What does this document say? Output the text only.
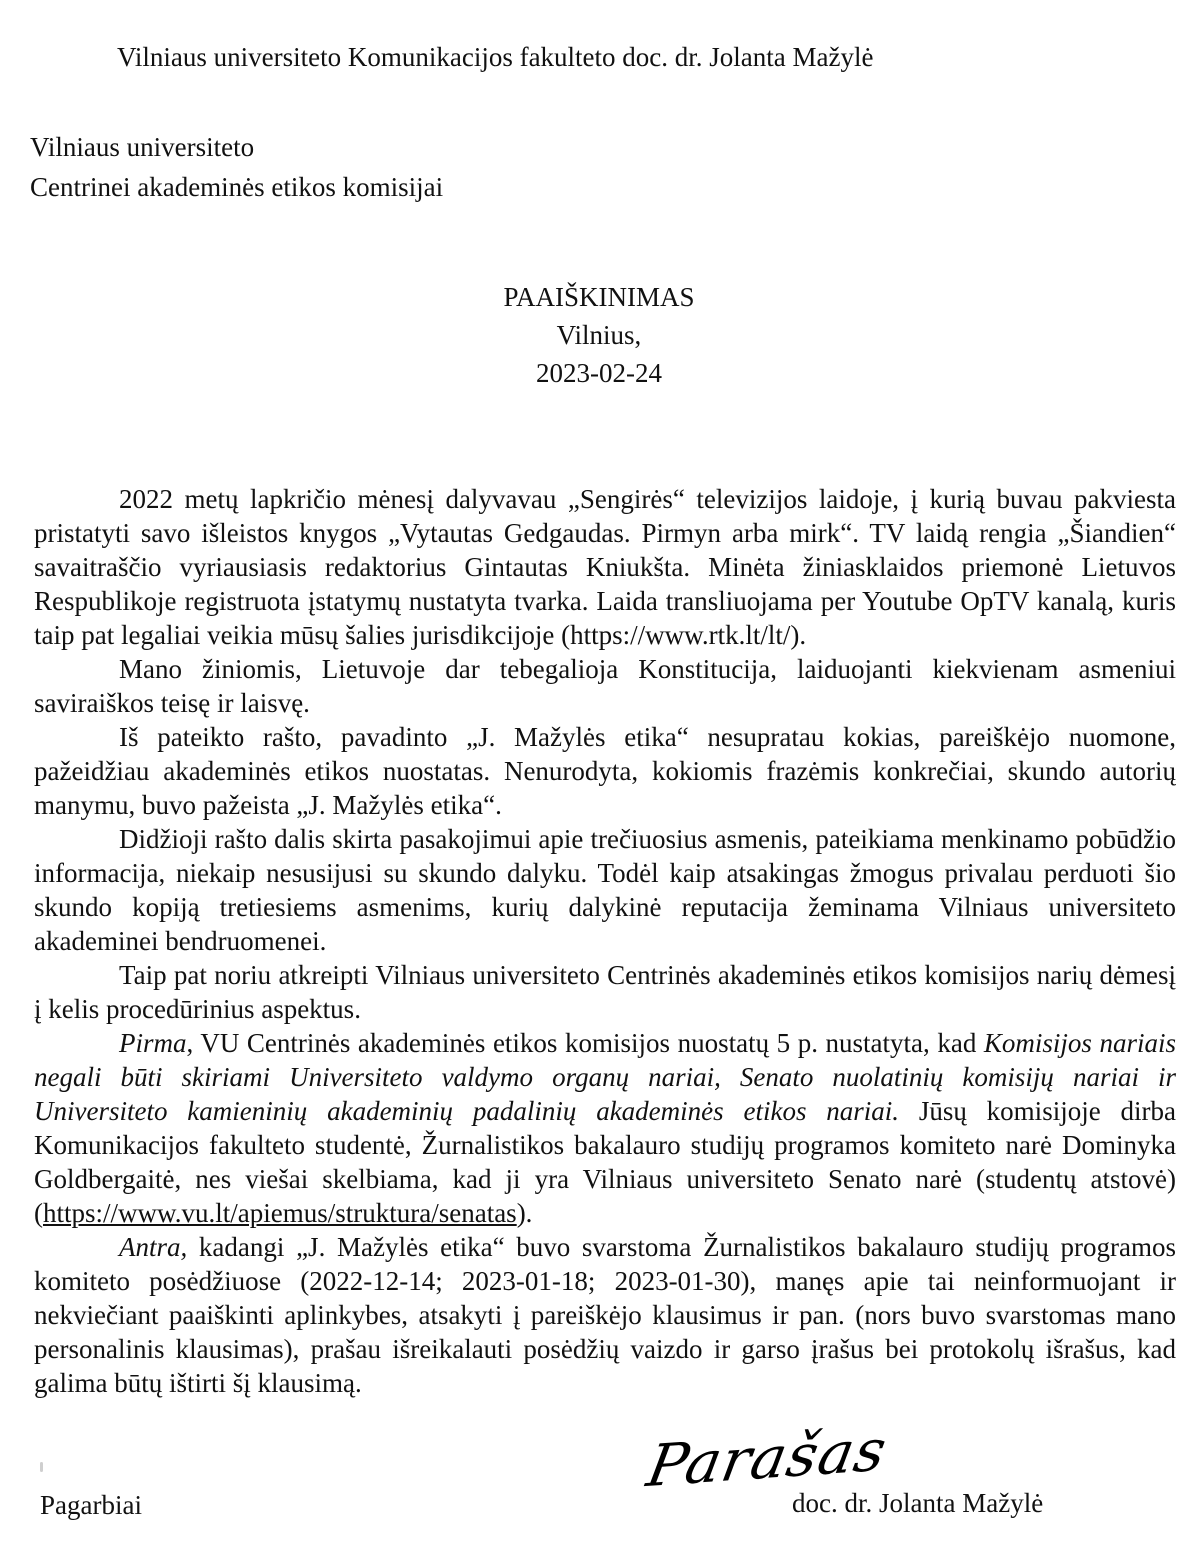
Vilniaus universiteto Komunikacijos fakulteto doc. dr. Jolanta Mažylė
Vilniaus universiteto
Centrinei akademinės etikos komisijai
PAAIŠKINIMAS
Vilnius,
2023-02-24

2022 metų lapkričio mėnesį dalyvavau „Sengirės“ televizijos laidoje, į kurią buvau pakviesta pristatyti savo išleistos knygos „Vytautas Gedgaudas. Pirmyn arba mirk“. TV laidą rengia „Šiandien“ savaitraščio vyriausiasis redaktorius Gintautas Kniukšta. Minėta žiniasklaidos priemonė Lietuvos Respublikoje registruota įstatymų nustatyta tvarka. Laida transliuojama per Youtube OpTV kanalą, kuris taip pat legaliai veikia mūsų šalies jurisdikcijoje (https://www.rtk.lt/lt/).

Mano žiniomis, Lietuvoje dar tebegalioja Konstitucija, laiduojanti kiekvienam asmeniui saviraiškos teisę ir laisvę.

Iš pateikto rašto, pavadinto „J. Mažylės etika“ nesupratau kokias, pareiškėjo nuomone, pažeidžiau akademinės etikos nuostatas. Nenurodyta, kokiomis frazėmis konkrečiai, skundo autorių manymu, buvo pažeista „J. Mažylės etika“.

Didžioji rašto dalis skirta pasakojimui apie trečiuosius asmenis, pateikiama menkinamo pobūdžio informacija, niekaip nesusijusi su skundo dalyku. Todėl kaip atsakingas žmogus privalau perduoti šio skundo kopiją tretiesiems asmenims, kurių dalykinė reputacija žeminama Vilniaus universiteto akademinei bendruomenei.

Taip pat noriu atkreipti Vilniaus universiteto Centrinės akademinės etikos komisijos narių dėmesį į kelis procedūrinius aspektus.

Pirma, VU Centrinės akademinės etikos komisijos nuostatų 5 p. nustatyta, kad Komisijos nariais negali būti skiriami Universiteto valdymo organų nariai, Senato nuolatinių komisijų nariai ir Universiteto kamieninių akademinių padalinių akademinės etikos nariai. Jūsų komisijoje dirba Komunikacijos fakulteto studentė, Žurnalistikos bakalauro studijų programos komiteto narė Dominyka Goldbergaitė, nes viešai skelbiama, kad ji yra Vilniaus universiteto Senato narė (studentų atstovė) (https://www.vu.lt/apiemus/struktura/senatas).

Antra, kadangi „J. Mažylės etika“ buvo svarstoma Žurnalistikos bakalauro studijų programos komiteto posėdžiuose (2022-12-14; 2023-01-18; 2023-01-30), manęs apie tai neinformuojant ir nekviečiant paaiškinti aplinkybes, atsakyti į pareiškėjo klausimus ir pan. (nors buvo svarstomas mano personalinis klausimas), prašau išreikalauti posėdžių vaizdo ir garso įrašus bei protokolų išrašus, kad galima būtų ištirti šį klausimą.

Pagarbiai
Parašas
doc. dr. Jolanta Mažylė
